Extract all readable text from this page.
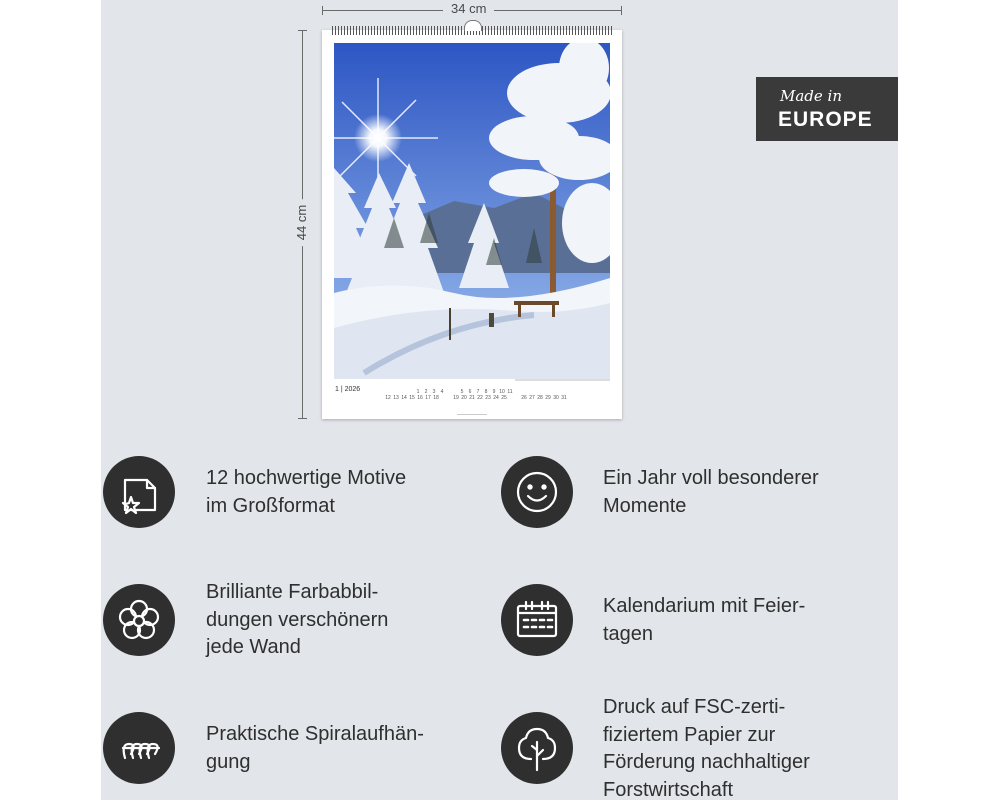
34 cm
44 cm
1 | 2026	1 2 3 4	5 6 7 8 9 10 11
12 13 14 15 16 17 18	19 20 21 22 23 24 25	26 27 28 29 30 31
Made in
EUROPE
12 hochwertige Motive
im Großformat
Ein Jahr voll besonderer
Momente
Brilliante Farbabbil-
dungen verschönern
jede Wand
Kalendarium mit Feier-
tagen
Praktische Spiralaufhän-
gung
Druck auf FSC-zerti-
fiziertem Papier zur
Förderung nachhaltiger
Forstwirtschaft
